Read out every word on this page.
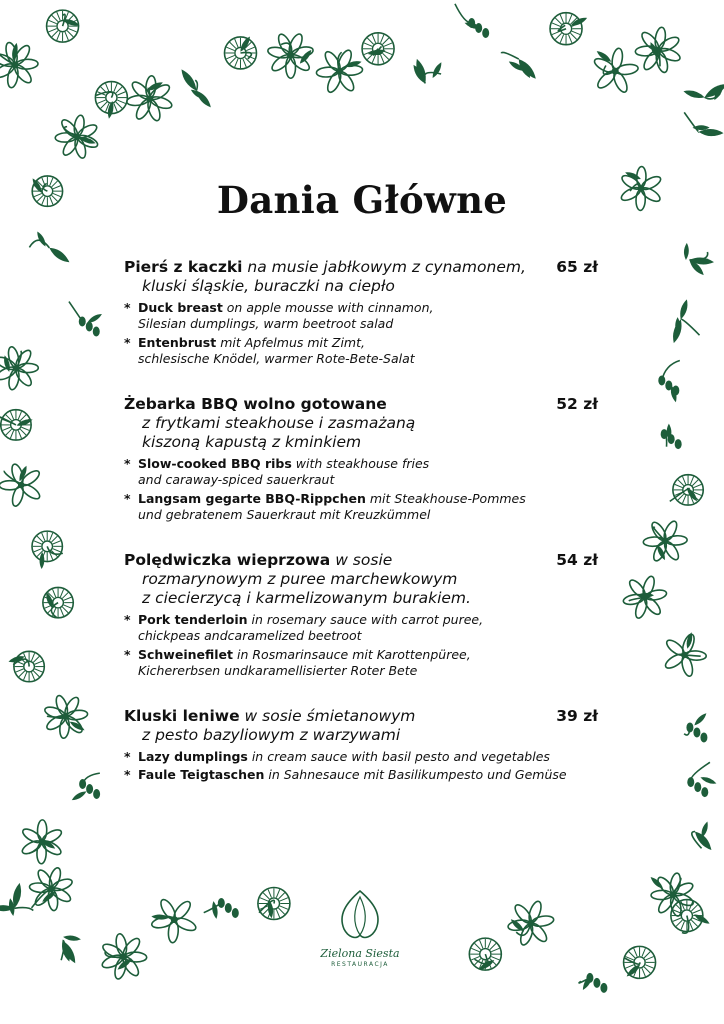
Dania Główne
Pierś z kaczki na musie jabłkowym z cynamonem, 65 zł
kluski śląskie, buraczki na ciepło
* Duck breast on apple mousse with cinnamon,
Silesian dumplings, warm beetroot salad
* Entenbrust mit Apfelmus mit Zimt,
schlesische Knödel, warmer Rote-Bete-Salat
Żebarka BBQ wolno gotowane	52 zł
z frytkami steakhouse i zasmażaną
kiszoną kapustą z kminkiem
* Slow-cooked BBQ ribs with steakhouse fries
and caraway-spiced sauerkraut
* Langsam gegarte BBQ-Rippchen mit Steakhouse-Pommes
und gebratenem Sauerkraut mit Kreuzkümmel
Polędwiczka wieprzowa w sosie	54 zł
rozmarynowym z puree marchewkowym
z ciecierzycą i karmelizowanym burakiem.
* Pork tenderloin in rosemary sauce with carrot puree,
chickpeas andcaramelized beetroot
* Schweinefilet in Rosmarinsauce mit Karottenpüree,
Kichererbsen undkaramellisierter Roter Bete
Kluski leniwe w sosie śmietanowym	39 zł
z pesto bazyliowym z warzywami
* Lazy dumplings in cream sauce with basil pesto and vegetables
* Faule Teigtaschen in Sahnesauce mit Basilikumpesto und Gemüse
Zielona Siesta
RESTAURACJA
